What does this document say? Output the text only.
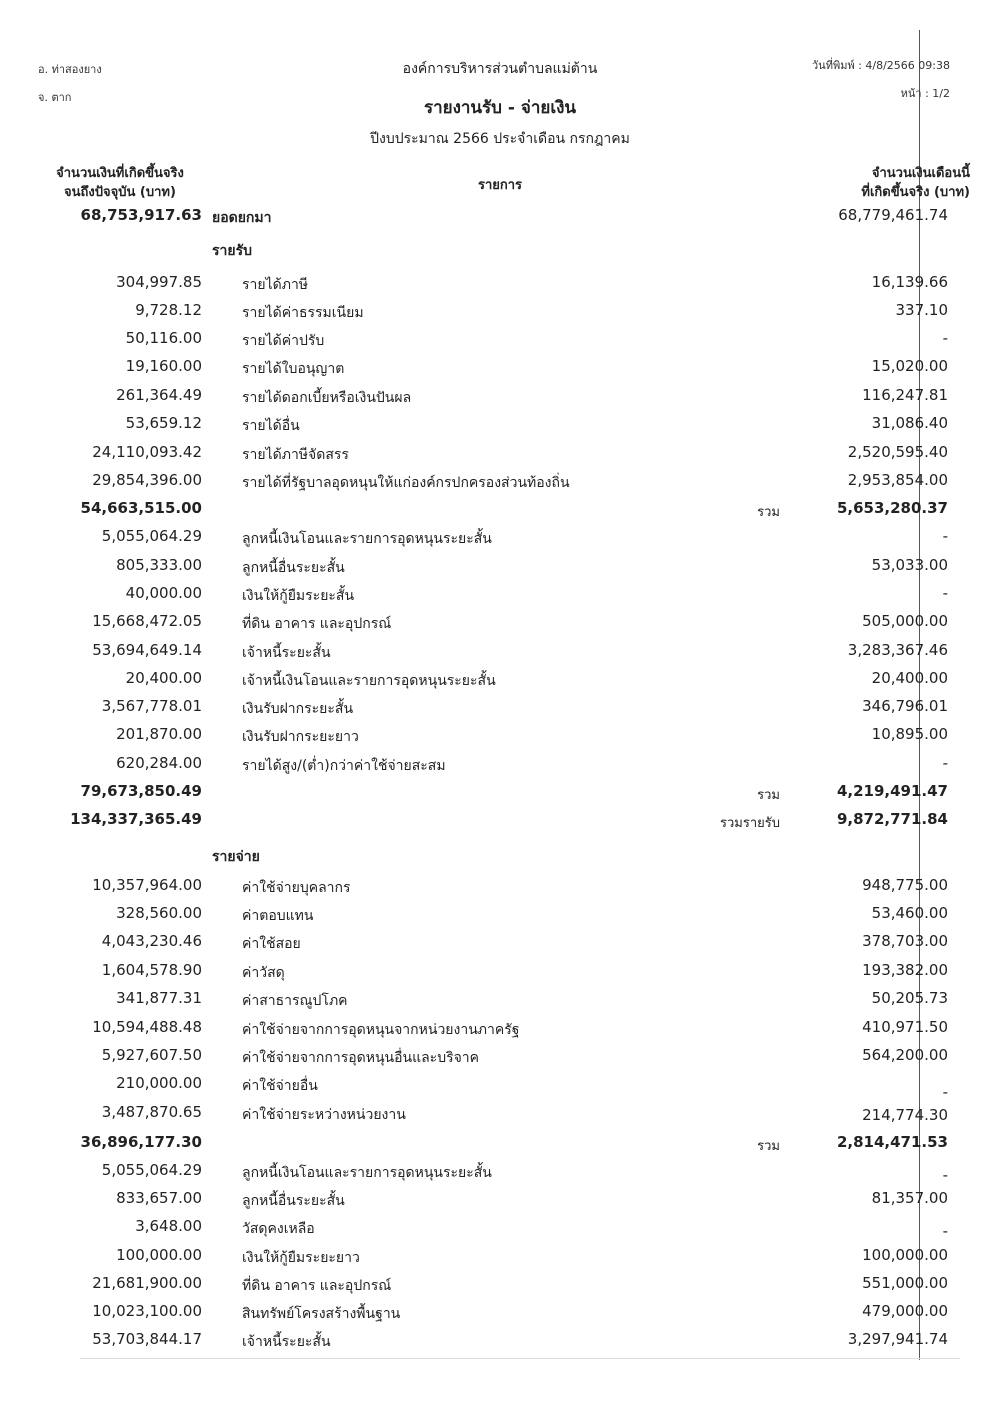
อ. ท่าสองยาง
จ. ตาก
องค์การบริหารส่วนตำบลแม่ต้าน	วันที่พิมพ์ : 4/8/2566 09:38
หน้า : 1/2
รายงานรับ - จ่ายเงิน
ปีงบประมาณ 2566 ประจำเดือน กรกฎาคม
จำนวนเงินที่เกิดขึ้นจริง
จนถึงปัจจุบัน (บาท)	รายการ
จำนวนเงินเดือนนี้
ที่เกิดขึ้นจริง (บาท)
68,753,917.63 ยอดยกมา	68,779,461.74
รายรับ
304,997.85	รายได้ภาษี	16,139.66
9,728.12	รายได้ค่าธรรมเนียม	337.10
50,116.00	รายได้ค่าปรับ	-
19,160.00	รายได้ใบอนุญาต	15,020.00
261,364.49	รายได้ดอกเบี้ยหรือเงินปันผล	116,247.81
53,659.12	รายได้อื่น	31,086.40
24,110,093.42	รายได้ภาษีจัดสรร	2,520,595.40
29,854,396.00	รายได้ที่รัฐบาลอุดหนุนให้แก่องค์กรปกครองส่วนท้องถิ่น	2,953,854.00
54,663,515.00	รวม	5,653,280.37
5,055,064.29	ลูกหนี้เงินโอนและรายการอุดหนุนระยะสั้น	-
805,333.00	ลูกหนี้อื่นระยะสั้น	53,033.00
40,000.00	เงินให้กู้ยืมระยะสั้น	-
15,668,472.05	ที่ดิน อาคาร และอุปกรณ์	505,000.00
53,694,649.14	เจ้าหนี้ระยะสั้น	3,283,367.46
20,400.00	เจ้าหนี้เงินโอนและรายการอุดหนุนระยะสั้น	20,400.00
3,567,778.01	เงินรับฝากระยะสั้น	346,796.01
201,870.00	เงินรับฝากระยะยาว	10,895.00
620,284.00	รายได้สูง/(ต่ำ)กว่าค่าใช้จ่ายสะสม	-
79,673,850.49	รวม	4,219,491.47
134,337,365.49	รวมรายรับ	9,872,771.84
รายจ่าย
10,357,964.00	ค่าใช้จ่ายบุคลากร	948,775.00
328,560.00	ค่าตอบแทน	53,460.00
4,043,230.46	ค่าใช้สอย	378,703.00
1,604,578.90	ค่าวัสดุ	193,382.00
341,877.31	ค่าสาธารณูปโภค	50,205.73
10,594,488.48	ค่าใช้จ่ายจากการอุดหนุนจากหน่วยงานภาครัฐ	410,971.50
5,927,607.50	ค่าใช้จ่ายจากการอุดหนุนอื่นและบริจาค	564,200.00
210,000.00	ค่าใช้จ่ายอื่น	-
3,487,870.65	ค่าใช้จ่ายระหว่างหน่วยงาน	214,774.30
36,896,177.30	รวม	2,814,471.53
5,055,064.29	ลูกหนี้เงินโอนและรายการอุดหนุนระยะสั้น	-
833,657.00	ลูกหนี้อื่นระยะสั้น	81,357.00
3,648.00	วัสดุคงเหลือ	-
100,000.00	เงินให้กู้ยืมระยะยาว	100,000.00
21,681,900.00	ที่ดิน อาคาร และอุปกรณ์	551,000.00
10,023,100.00	สินทรัพย์โครงสร้างพื้นฐาน	479,000.00
53,703,844.17	เจ้าหนี้ระยะสั้น	3,297,941.74
